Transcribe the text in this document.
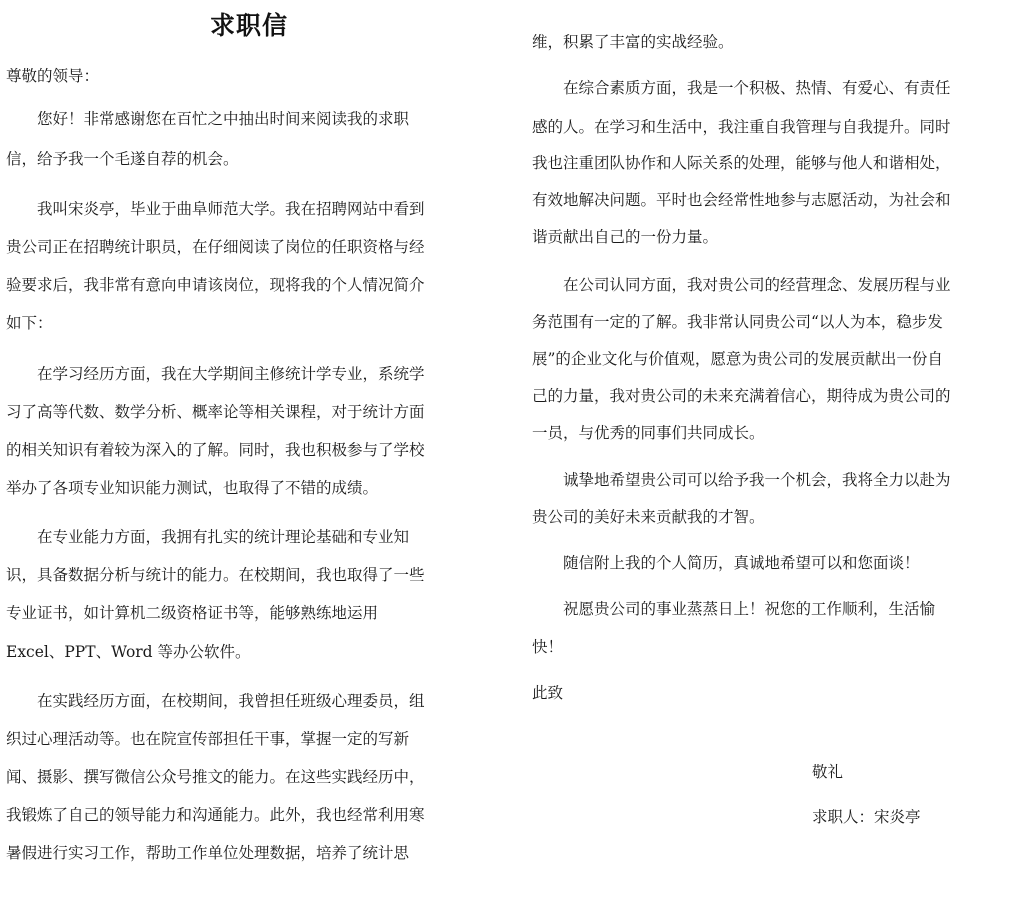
求职信
尊敬的领导：
　　您好！非常感谢您在百忙之中抽出时间来阅读我的求职
信，给予我一个毛遂自荐的机会。
　　我叫宋炎亭，毕业于曲阜师范大学。我在招聘网站中看到
贵公司正在招聘统计职员，在仔细阅读了岗位的任职资格与经
验要求后，我非常有意向申请该岗位，现将我的个人情况简介
如下：
　　在学习经历方面，我在大学期间主修统计学专业，系统学
习了高等代数、数学分析、概率论等相关课程，对于统计方面
的相关知识有着较为深入的了解。同时，我也积极参与了学校
举办了各项专业知识能力测试，也取得了不错的成绩。
　　在专业能力方面，我拥有扎实的统计理论基础和专业知
识，具备数据分析与统计的能力。在校期间，我也取得了一些
专业证书，如计算机二级资格证书等，能够熟练地运用
Excel、PPT、Word 等办公软件。
　　在实践经历方面，在校期间，我曾担任班级心理委员，组
织过心理活动等。也在院宣传部担任干事，掌握一定的写新
闻、摄影、撰写微信公众号推文的能力。在这些实践经历中，
我锻炼了自己的领导能力和沟通能力。此外，我也经常利用寒
暑假进行实习工作，帮助工作单位处理数据，培养了统计思
维，积累了丰富的实战经验。
　　在综合素质方面，我是一个积极、热情、有爱心、有责任
感的人。在学习和生活中，我注重自我管理与自我提升。同时
我也注重团队协作和人际关系的处理，能够与他人和谐相处，
有效地解决问题。平时也会经常性地参与志愿活动，为社会和
谐贡献出自己的一份力量。
　　在公司认同方面，我对贵公司的经营理念、发展历程与业
务范围有一定的了解。我非常认同贵公司“以人为本，稳步发
展”的企业文化与价值观，愿意为贵公司的发展贡献出一份自
己的力量，我对贵公司的未来充满着信心，期待成为贵公司的
一员，与优秀的同事们共同成长。
　　诚挚地希望贵公司可以给予我一个机会，我将全力以赴为
贵公司的美好未来贡献我的才智。
　　随信附上我的个人简历，真诚地希望可以和您面谈！
　　祝愿贵公司的事业蒸蒸日上！祝您的工作顺利，生活愉
快！
此致
敬礼
求职人：宋炎亭
